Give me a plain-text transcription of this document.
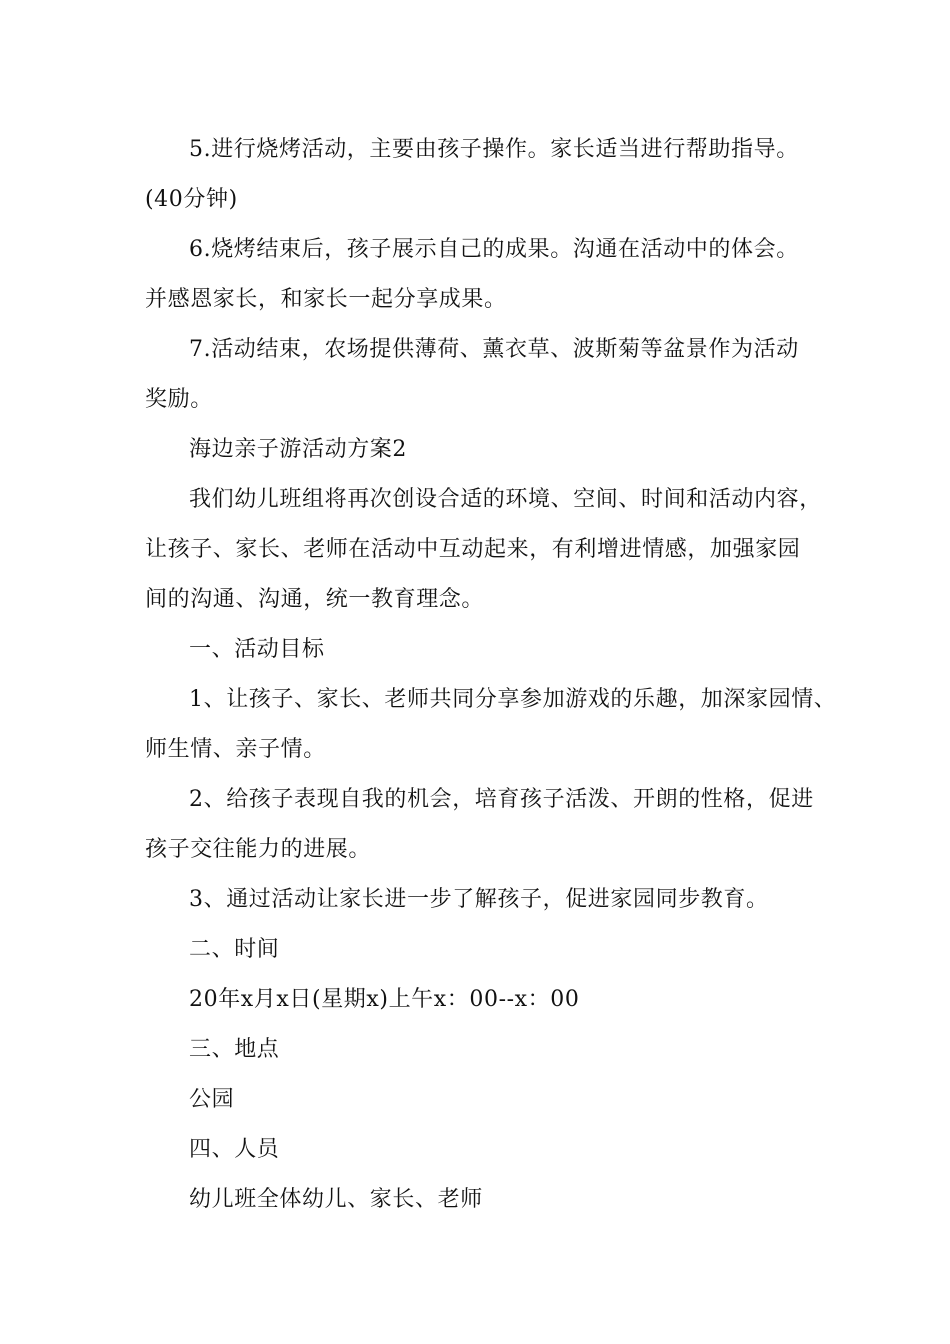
5.进行烧烤活动，主要由孩子操作。家长适当进行帮助指导。
(40分钟)
6.烧烤结束后，孩子展示自己的成果。沟通在活动中的体会。
并感恩家长，和家长一起分享成果。
7.活动结束，农场提供薄荷、薰衣草、波斯菊等盆景作为活动
奖励。
海边亲子游活动方案2
我们幼儿班组将再次创设合适的环境、空间、时间和活动内容，
让孩子、家长、老师在活动中互动起来，有利增进情感，加强家园
间的沟通、沟通，统一教育理念。
一、活动目标
1、让孩子、家长、老师共同分享参加游戏的乐趣，加深家园情、
师生情、亲子情。
2、给孩子表现自我的机会，培育孩子活泼、开朗的性格，促进
孩子交往能力的进展。
3、通过活动让家长进一步了解孩子，促进家园同步教育。
二、时间
20年x月x日(星期x)上午x：00--x：00
三、地点
公园
四、人员
幼儿班全体幼儿、家长、老师
